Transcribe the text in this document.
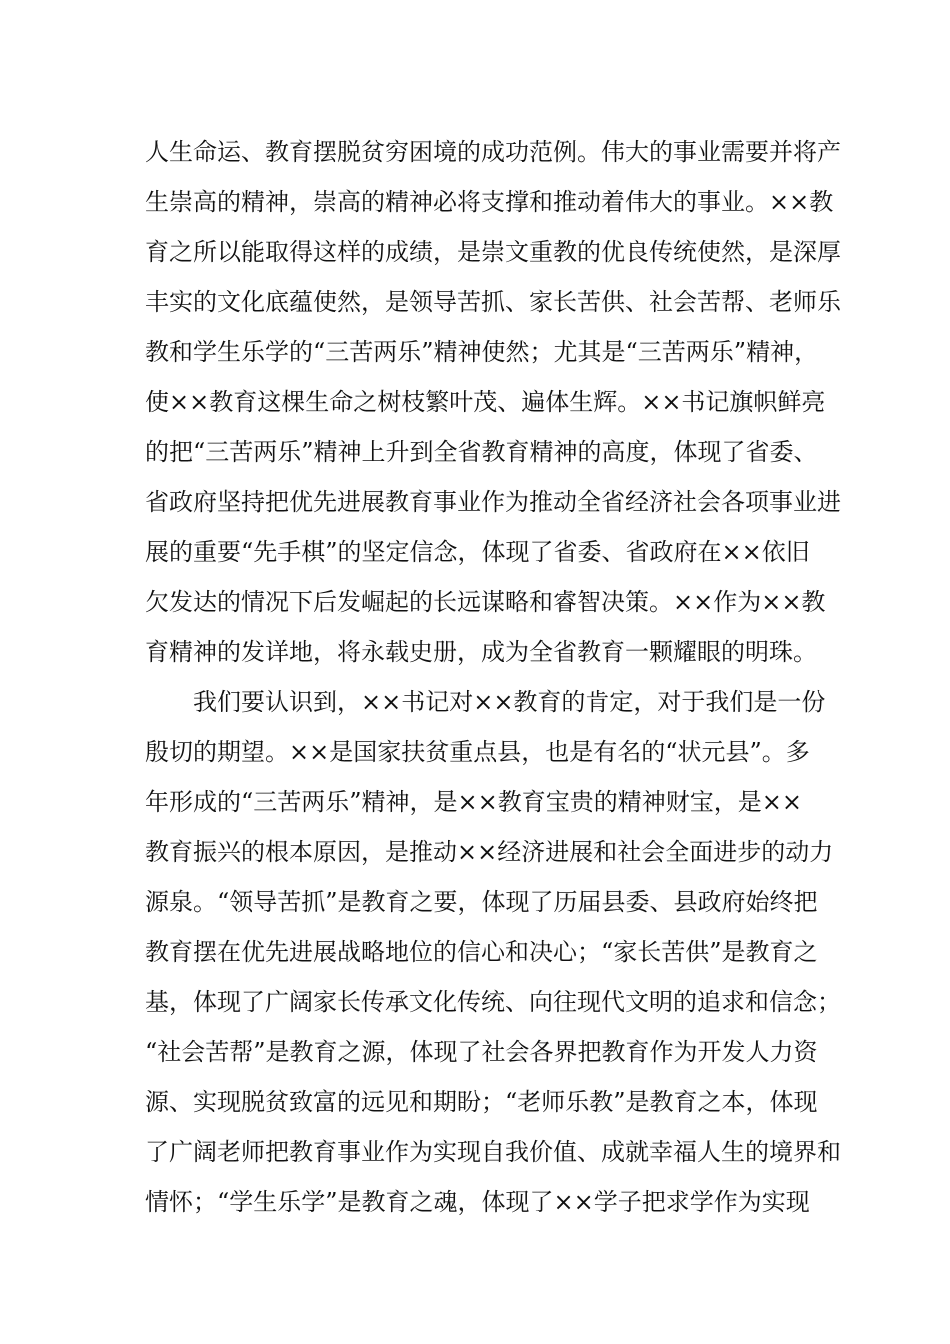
人生命运、教育摆脱贫穷困境的成功范例。伟大的事业需要并将产
生崇高的精神，崇高的精神必将支撑和推动着伟大的事业。××教
育之所以能取得这样的成绩，是崇文重教的优良传统使然，是深厚
丰实的文化底蕴使然，是领导苦抓、家长苦供、社会苦帮、老师乐
教和学生乐学的“三苦两乐”精神使然；尤其是“三苦两乐”精神，
使××教育这棵生命之树枝繁叶茂、遍体生辉。××书记旗帜鲜亮
的把“三苦两乐”精神上升到全省教育精神的高度，体现了省委、
省政府坚持把优先进展教育事业作为推动全省经济社会各项事业进
展的重要“先手棋”的坚定信念，体现了省委、省政府在××依旧
欠发达的情况下后发崛起的长远谋略和睿智决策。××作为××教
育精神的发详地，将永载史册，成为全省教育一颗耀眼的明珠。
　　我们要认识到，××书记对××教育的肯定，对于我们是一份
殷切的期望。××是国家扶贫重点县，也是有名的“状元县”。多
年形成的“三苦两乐”精神，是××教育宝贵的精神财宝，是××
教育振兴的根本原因，是推动××经济进展和社会全面进步的动力
源泉。“领导苦抓”是教育之要，体现了历届县委、县政府始终把
教育摆在优先进展战略地位的信心和决心；“家长苦供”是教育之
基，体现了广阔家长传承文化传统、向往现代文明的追求和信念；
“社会苦帮”是教育之源，体现了社会各界把教育作为开发人力资
源、实现脱贫致富的远见和期盼；“老师乐教”是教育之本，体现
了广阔老师把教育事业作为实现自我价值、成就幸福人生的境界和
情怀；“学生乐学”是教育之魂，体现了××学子把求学作为实现
